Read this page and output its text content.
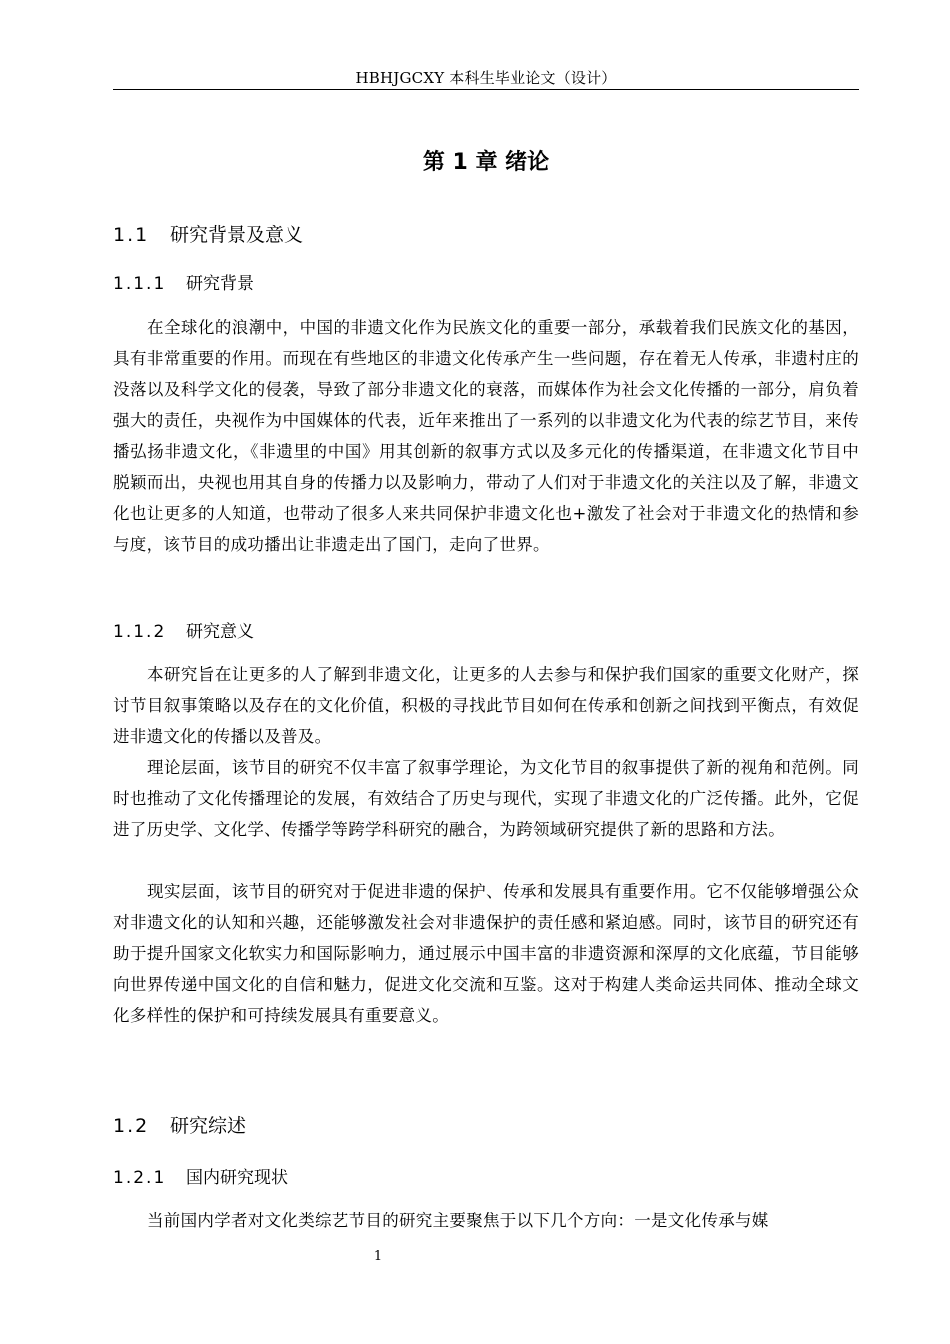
HBHJGCXY 本科生毕业论文（设计）
第 1 章 绪论
1.1 研究背景及意义
1.1.1 研究背景

在全球化的浪潮中，中国的非遗文化作为民族文化的重要一部分，承载着我们民族文化的基因，具有非常重要的作用。而现在有些地区的非遗文化传承产生一些问题，存在着无人传承，非遗村庄的没落以及科学文化的侵袭，导致了部分非遗文化的衰落，而媒体作为社会文化传播的一部分，肩负着强大的责任，央视作为中国媒体的代表，近年来推出了一系列的以非遗文化为代表的综艺节目，来传播弘扬非遗文化，《非遗里的中国》用其创新的叙事方式以及多元化的传播渠道，在非遗文化节目中脱颖而出，央视也用其自身的传播力以及影响力，带动了人们对于非遗文化的关注以及了解，非遗文化也让更多的人知道，也带动了很多人来共同保护非遗文化也+激发了社会对于非遗文化的热情和参与度，该节目的成功播出让非遗走出了国门，走向了世界。

1.1.2 研究意义

本研究旨在让更多的人了解到非遗文化，让更多的人去参与和保护我们国家的重要文化财产，探讨节目叙事策略以及存在的文化价值，积极的寻找此节目如何在传承和创新之间找到平衡点，有效促进非遗文化的传播以及普及。

理论层面，该节目的研究不仅丰富了叙事学理论，为文化节目的叙事提供了新的视角和范例。同时也推动了文化传播理论的发展，有效结合了历史与现代，实现了非遗文化的广泛传播。此外，它促进了历史学、文化学、传播学等跨学科研究的融合，为跨领域研究提供了新的思路和方法。

现实层面，该节目的研究对于促进非遗的保护、传承和发展具有重要作用。它不仅能够增强公众对非遗文化的认知和兴趣，还能够激发社会对非遗保护的责任感和紧迫感。同时，该节目的研究还有助于提升国家文化软实力和国际影响力，通过展示中国丰富的非遗资源和深厚的文化底蕴，节目能够向世界传递中国文化的自信和魅力，促进文化交流和互鉴。这对于构建人类命运共同体、推动全球文化多样性的保护和可持续发展具有重要意义。

1.2 研究综述
1.2.1 国内研究现状

当前国内学者对文化类综艺节目的研究主要聚焦于以下几个方向：一是文化传承与媒

1
